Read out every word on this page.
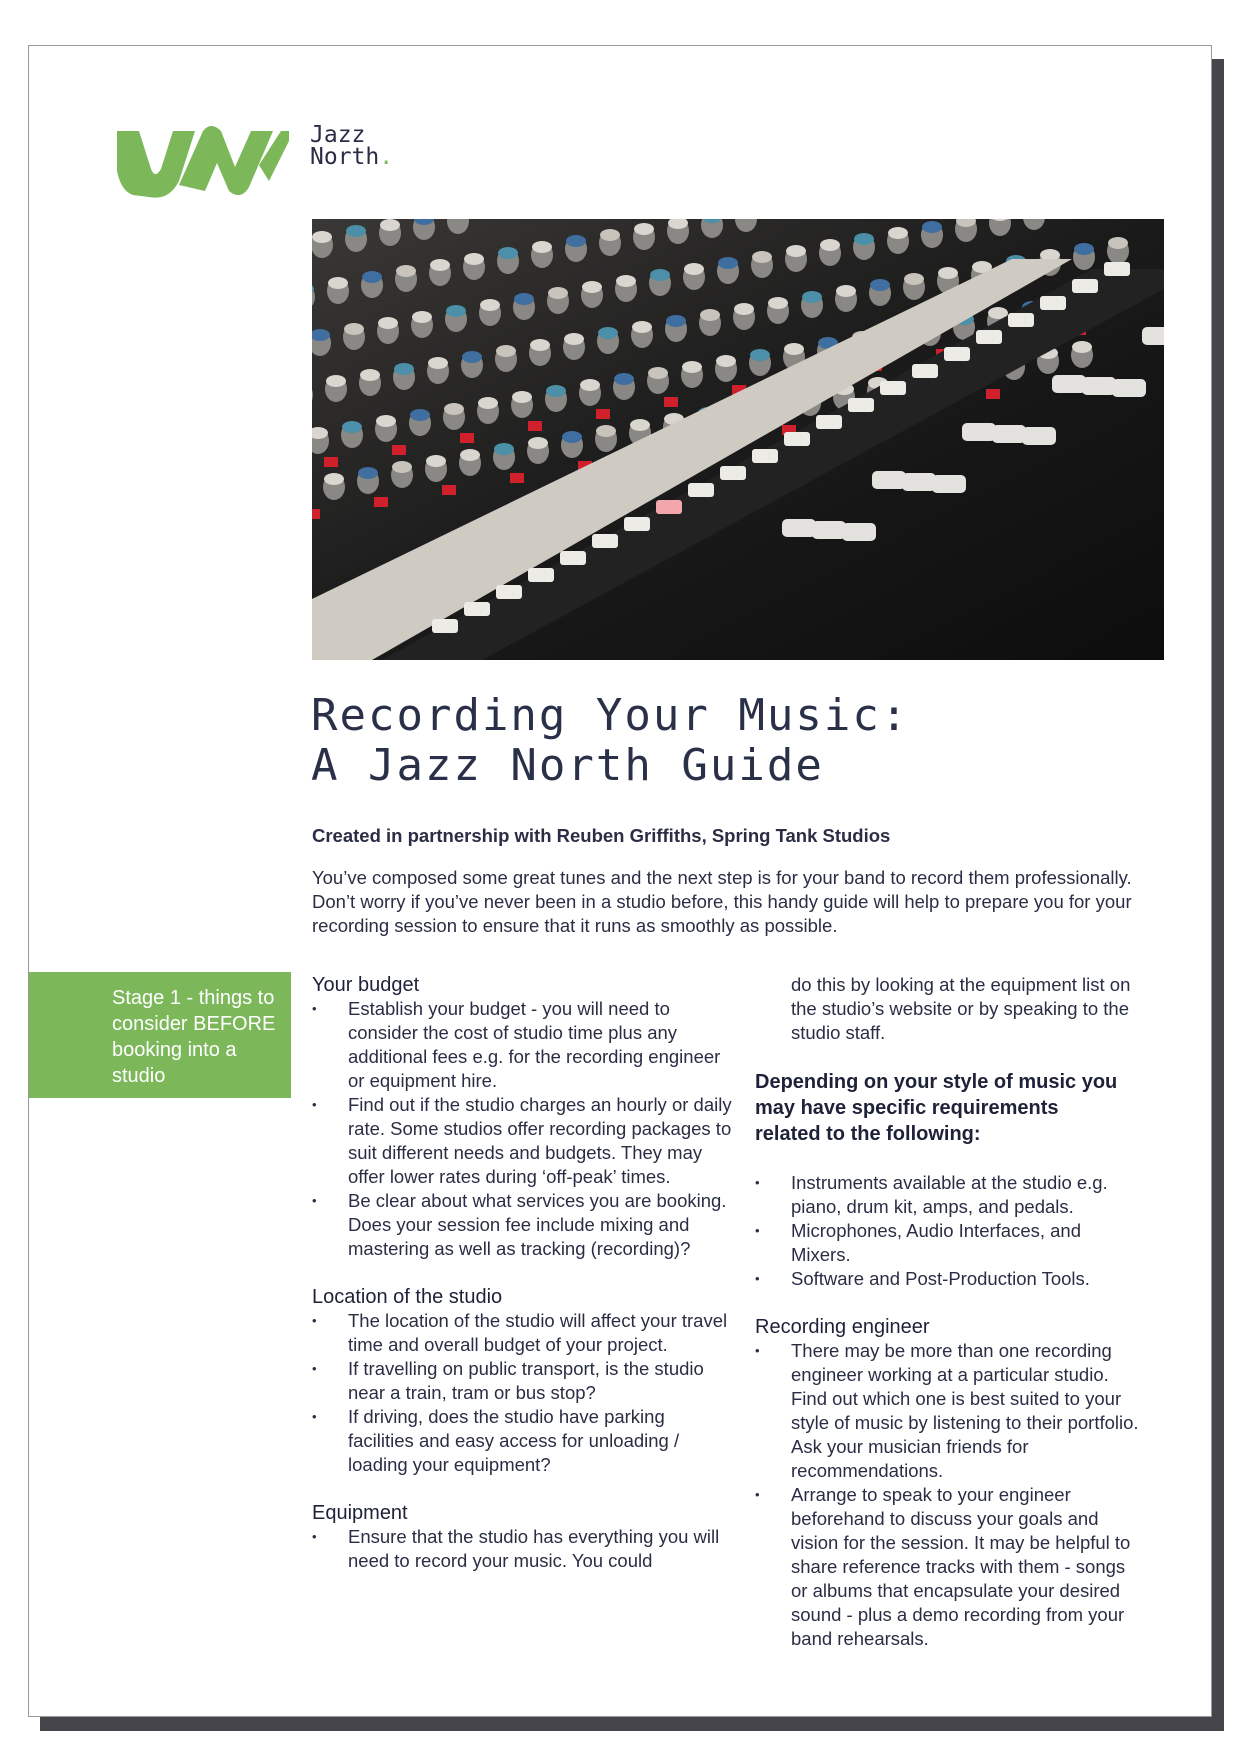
Jazz
North.
Recording Your Music:
A Jazz North Guide

Created in partnership with Reuben Griffiths, Spring Tank Studios

You’ve composed some great tunes and the next step is for your band to record them professionally. Don’t worry if you’ve never been in a studio before, this handy guide will help to prepare you for your recording session to ensure that it runs as smoothly as possible.

Stage 1 - things to consider BEFORE booking into a studio
Your budget
• Establish your budget - you will need to consider the cost of studio time plus any additional fees e.g. for the recording engineer or equipment hire.
• Find out if the studio charges an hourly or daily rate. Some studios offer recording packages to suit different needs and budgets. They may offer lower rates during ‘off-peak’ times.
• Be clear about what services you are booking. Does your session fee include mixing and mastering as well as tracking (recording)?
Location of the studio
• The location of the studio will affect your travel time and overall budget of your project.
• If travelling on public transport, is the studio near a train, tram or bus stop?
• If driving, does the studio have parking facilities and easy access for unloading / loading your equipment?
Equipment
• Ensure that the studio has everything you will need to record your music. You could

do this by looking at the equipment list on the studio’s website or by speaking to the studio staff.

Depending on your style of music you may have specific requirements related to the following:
• Instruments available at the studio e.g. piano, drum kit, amps, and pedals.
• Microphones, Audio Interfaces, and Mixers.
• Software and Post-Production Tools.
Recording engineer
• There may be more than one recording engineer working at a particular studio. Find out which one is best suited to your style of music by listening to their portfolio. Ask your musician friends for recommendations.
• Arrange to speak to your engineer beforehand to discuss your goals and vision for the session. It may be helpful to share reference tracks with them - songs or albums that encapsulate your desired sound - plus a demo recording from your band rehearsals.
